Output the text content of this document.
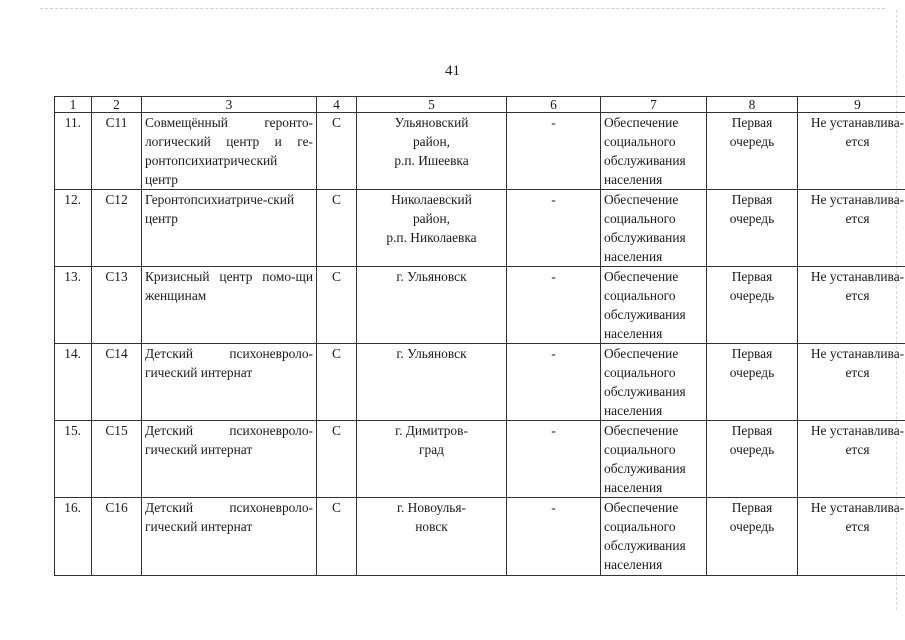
41
1	2	3	4	5	6	7	8	9
11.	С11	Совмещённый геронто-логический центр и ге-ронтопсихиатрический центр	С	Ульяновский
район,
р.п. Ишеевка	-	Обеспечение
социального
обслуживания
населения	Первая
очередь	Не устанавлива-
ется
12.	С12	Геронтопсихиатриче-ский центр	С	Николаевский
район,
р.п. Николаевка	-	Обеспечение
социального
обслуживания
населения	Первая
очередь	Не устанавлива-
ется
13.	С13	Кризисный центр помо-щи женщинам	С	г. Ульяновск	-	Обеспечение
социального
обслуживания
населения	Первая
очередь	Не устанавлива-
ется
14.	С14	Детский психоневроло-гический интернат	С	г. Ульяновск	-	Обеспечение
социального
обслуживания
населения	Первая
очередь	Не устанавлива-
ется
15.	С15	Детский психоневроло-гический интернат	С	г. Димитров-
град	-	Обеспечение
социального
обслуживания
населения	Первая
очередь	Не устанавлива-
ется
16.	С16	Детский психоневроло-гический интернат	С	г. Новоулья-
новск	-	Обеспечение
социального
обслуживания
населения	Первая
очередь	Не устанавлива-
ется
